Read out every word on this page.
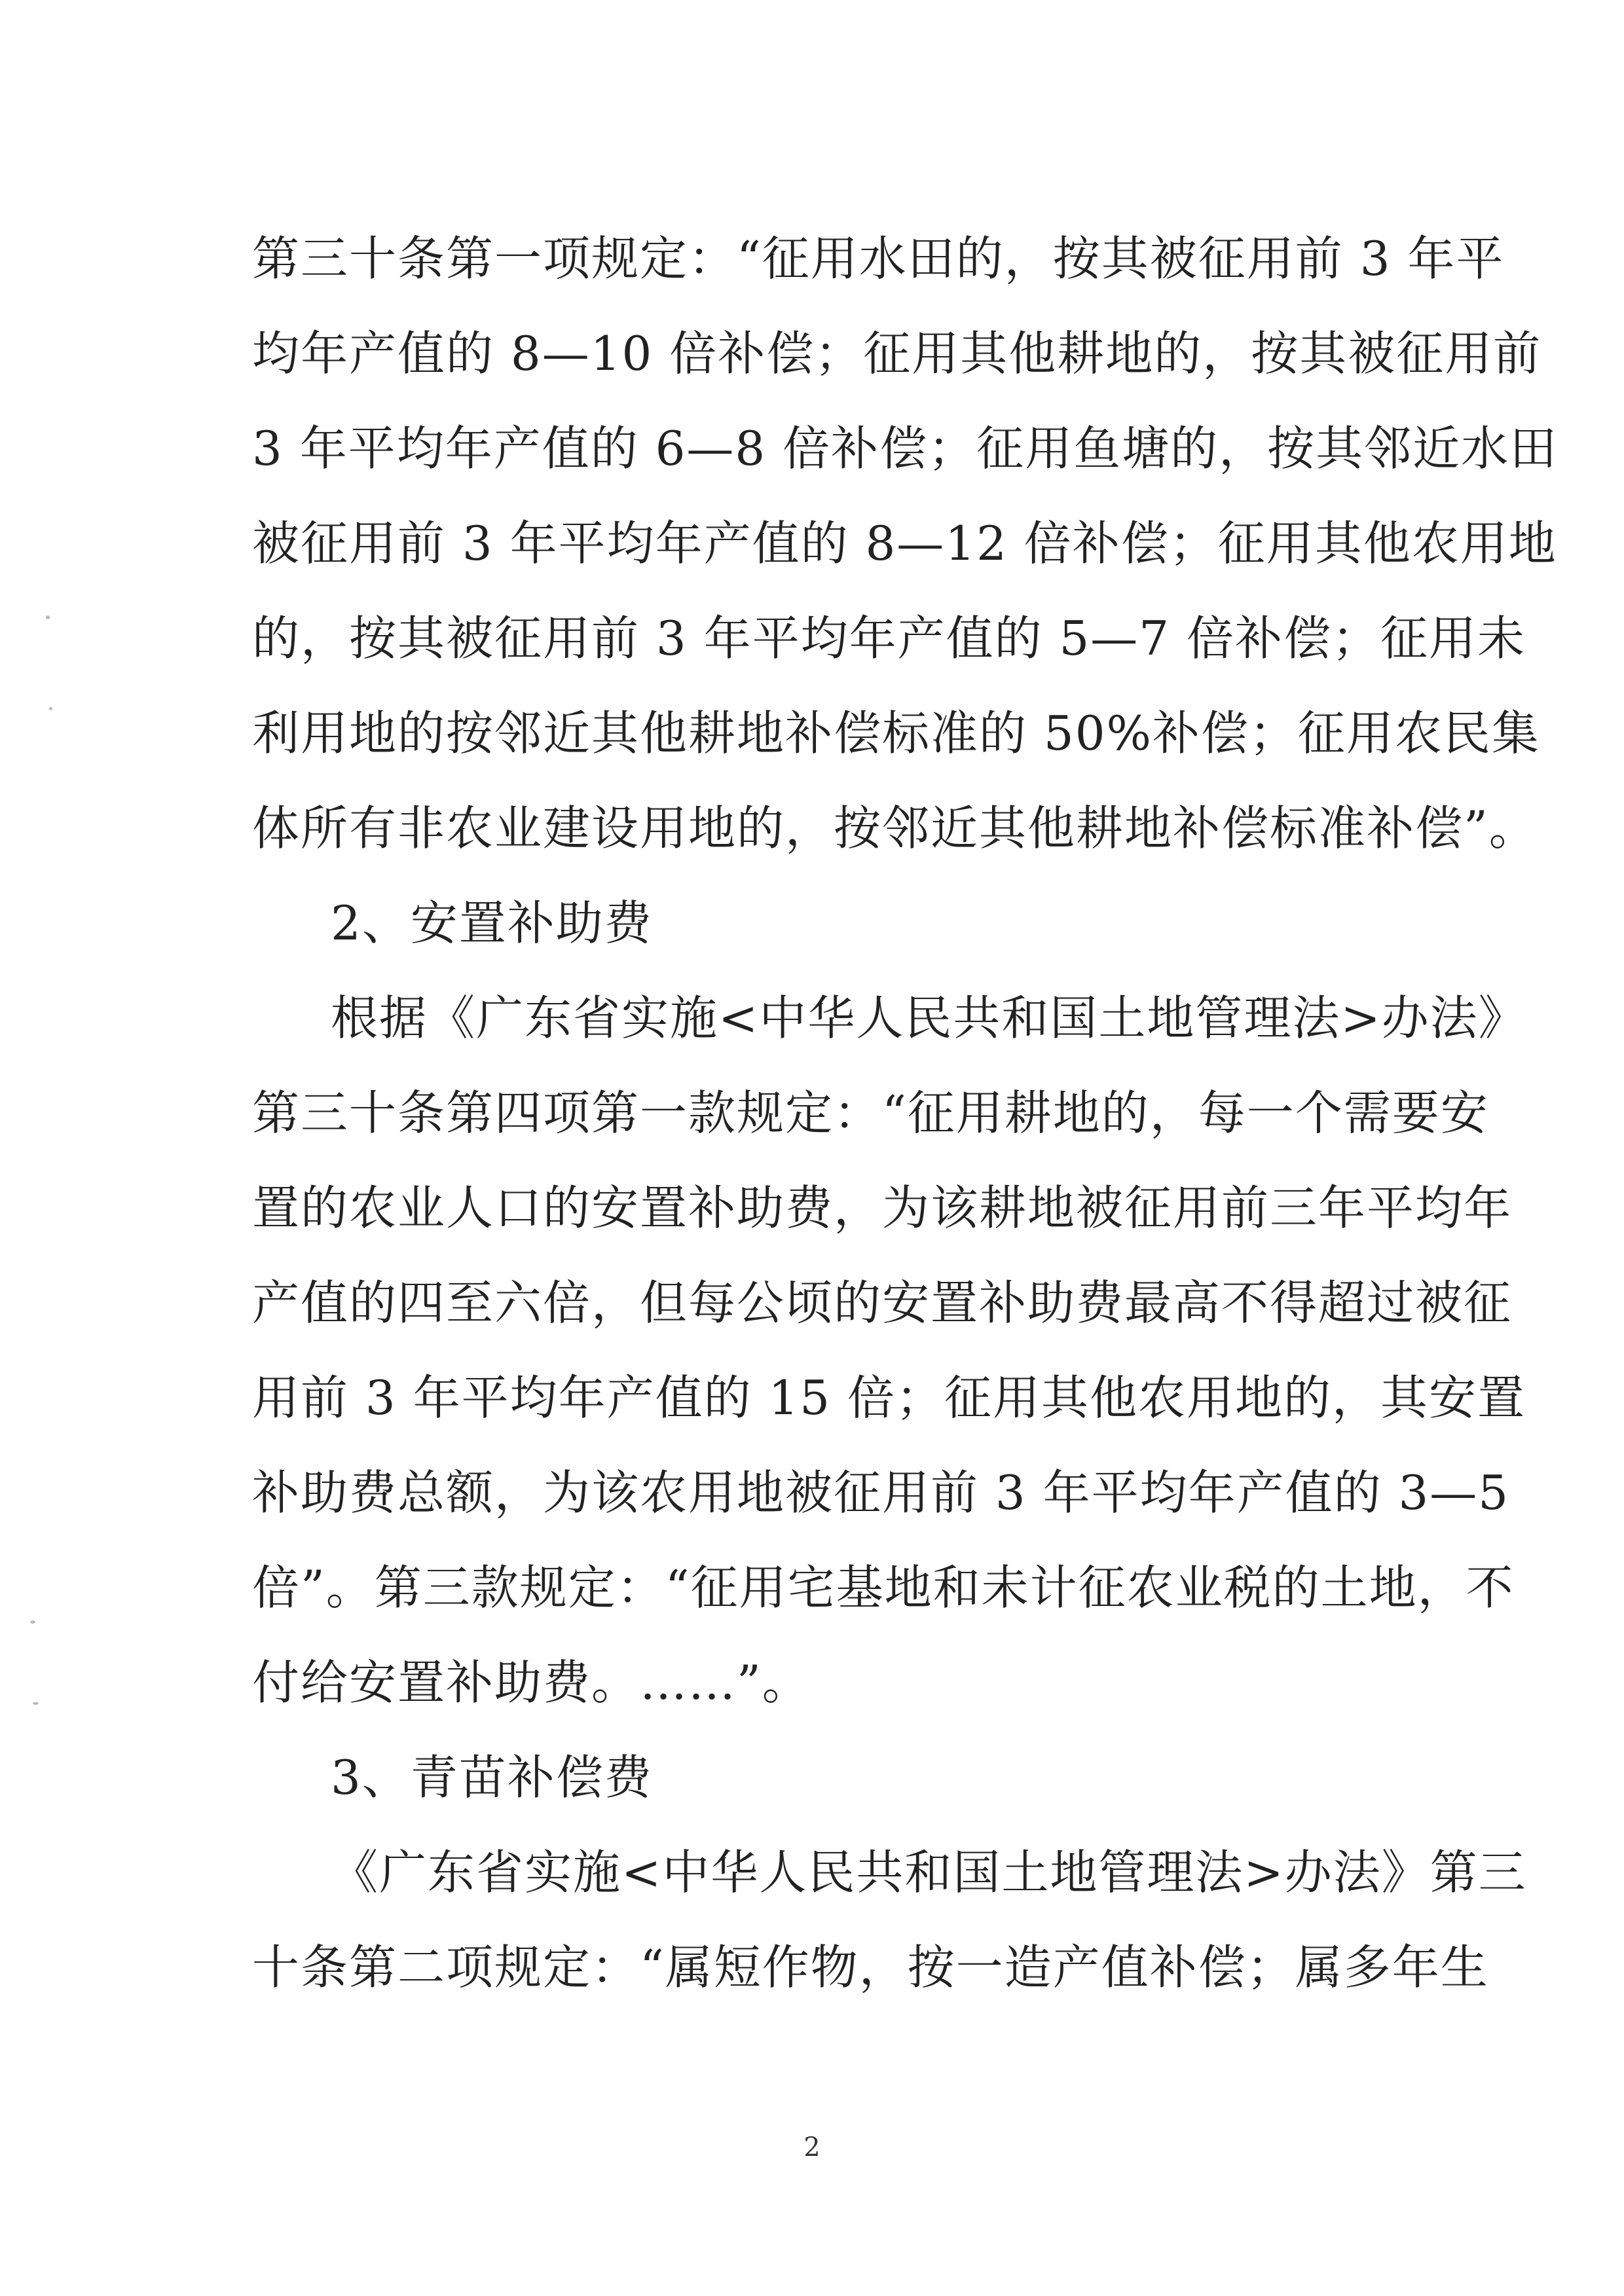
第三十条第一项规定：“征用水田的，按其被征用前 3 年平
均年产值的 8—10 倍补偿；征用其他耕地的，按其被征用前
3 年平均年产值的 6—8 倍补偿；征用鱼塘的，按其邻近水田
被征用前 3 年平均年产值的 8—12 倍补偿；征用其他农用地
的，按其被征用前 3 年平均年产值的 5—7 倍补偿；征用未
利用地的按邻近其他耕地补偿标准的 50%补偿；征用农民集
体所有非农业建设用地的，按邻近其他耕地补偿标准补偿”。
2、安置补助费
根据《广东省实施<中华人民共和国土地管理法>办法》
第三十条第四项第一款规定：“征用耕地的，每一个需要安
置的农业人口的安置补助费，为该耕地被征用前三年平均年
产值的四至六倍，但每公顷的安置补助费最高不得超过被征
用前 3 年平均年产值的 15 倍；征用其他农用地的，其安置
补助费总额，为该农用地被征用前 3 年平均年产值的 3—5
倍”。第三款规定：“征用宅基地和未计征农业税的土地，不
付给安置补助费。……”。
3、青苗补偿费
《广东省实施<中华人民共和国土地管理法>办法》第三
十条第二项规定：“属短作物，按一造产值补偿；属多年生
2
